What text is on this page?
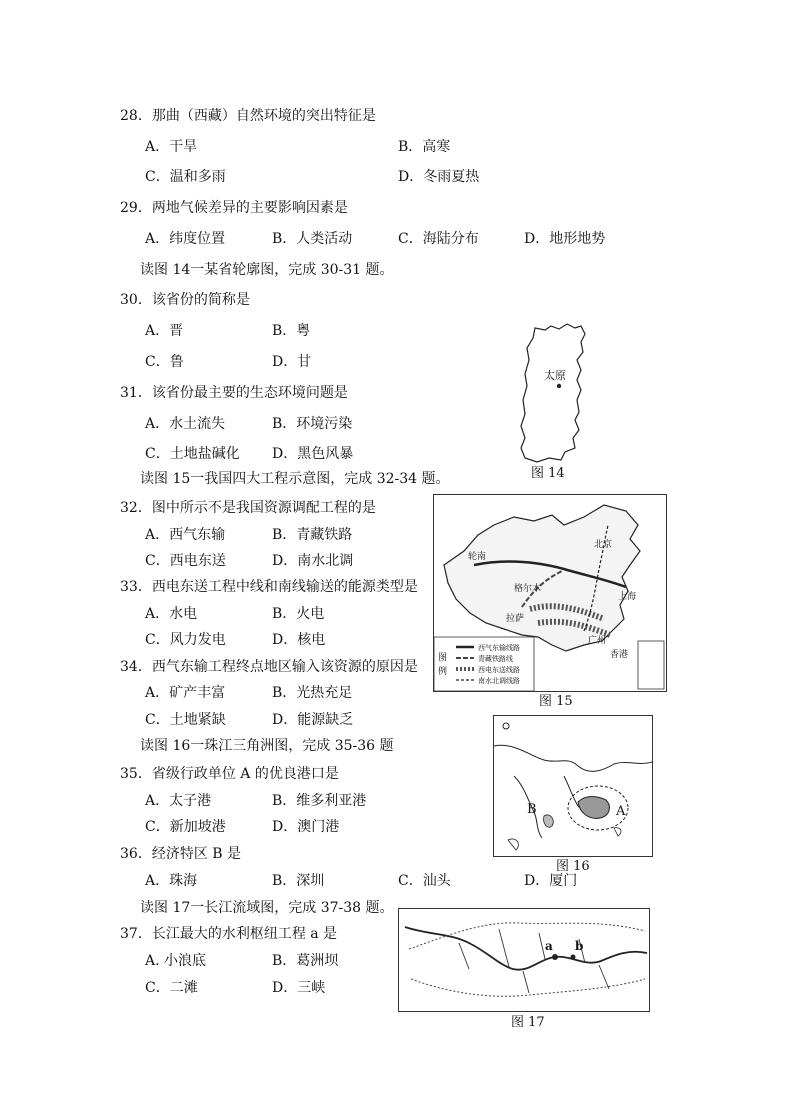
28．那曲（西藏）自然环境的突出特征是
A．干旱	B．高寒
C．温和多雨	D．冬雨夏热
29．两地气候差异的主要影响因素是
A．纬度位置	B．人类活动	C．海陆分布	D．地形地势
读图 14一某省轮廓图，完成 30-31 题。
30．该省份的简称是
A．晋	B．粤
C．鲁	D．甘
31．该省份最主要的生态环境问题是
A．水土流失	B．环境污染
C．土地盐碱化 D．黑色风暴
读图 15一我国四大工程示意图，完成 32-34 题。
32．图中所示不是我国资源调配工程的是
A．西气东输	B．青藏铁路
C．西电东送	D．南水北调
33．西电东送工程中线和南线输送的能源类型是
A．水电	B．火电
C．风力发电	D．核电
34．西气东输工程终点地区输入该资源的原因是
A．矿产丰富	B．光热充足
C．土地紧缺	D．能源缺乏
读图 16一珠江三角洲图，完成 35-36 题
35．省级行政单位 A 的优良港口是
A．太子港	B．维多利亚港
C．新加坡港	D．澳门港
36．经济特区 B 是
A．珠海	B．深圳	C．汕头	D．厦门
读图 17一长江流域图，完成 37-38 题。
37．长江最大的水利枢纽工程 a 是
A. 小浪底	B．葛洲坝
C．二滩	D．三峡
太原
图 14
轮南
格尔木
拉萨
北京
上海
广州
香港
图例
西气东输线路
青藏铁路线
西电东送线路
南水北调线路
图 15
B	A
图 16
a b
图 17
